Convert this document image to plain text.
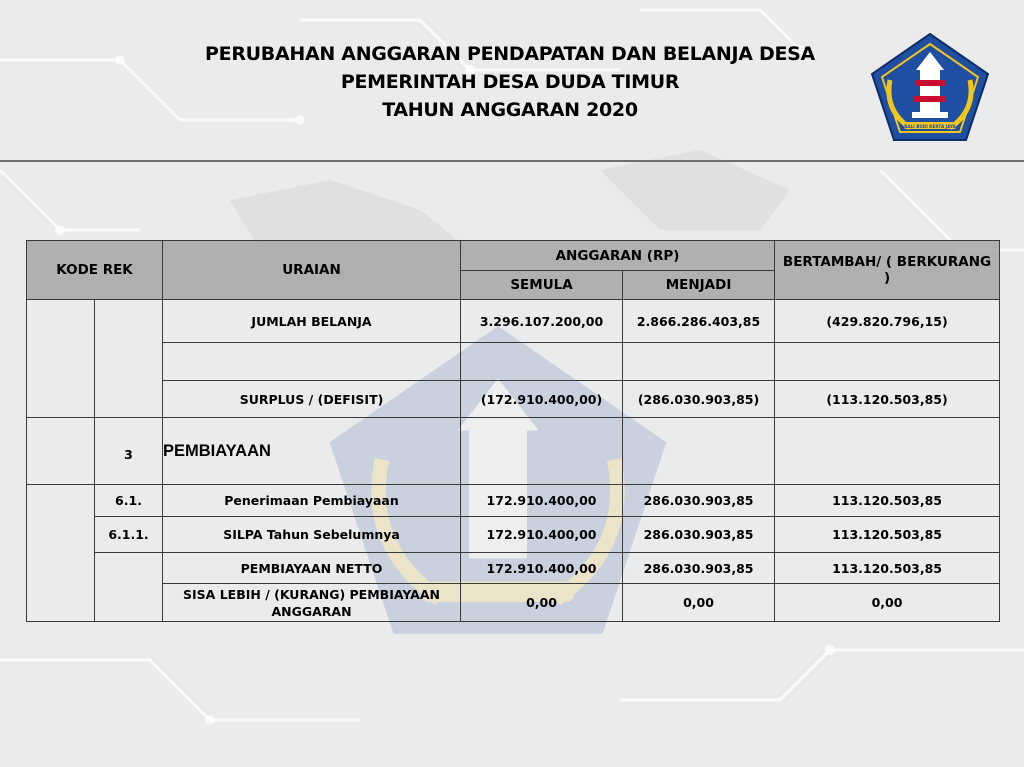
PERUBAHAN ANGGARAN PENDAPATAN DAN BELANJA DESA
PEMERINTAH DESA DUDA TIMUR
TAHUN ANGGARAN 2020
BALI BUDI KERTA JAYA
KODE REK		URAIAN	ANGGARAN (RP)		BERTAMBAH/ ( BERKURANG )
			SEMULA	MENJADI	
		JUMLAH BELANJA	3.296.107.200,00	2.866.286.403,85	(429.820.796,15)

		SURPLUS / (DEFISIT)	(172.910.400,00)	(286.030.903,85)	(113.120.503,85)
	3	PEMBIAYAAN			
	6.1.	Penerimaan Pembiayaan	172.910.400,00	286.030.903,85	113.120.503,85
	6.1.1.	SILPA Tahun Sebelumnya	172.910.400,00	286.030.903,85	113.120.503,85
		PEMBIAYAAN NETTO	172.910.400,00	286.030.903,85	113.120.503,85

		SISA LEBIH / (KURANG) PEMBIAYAAN
ANGGARAN	0,00	0,00	0,00
